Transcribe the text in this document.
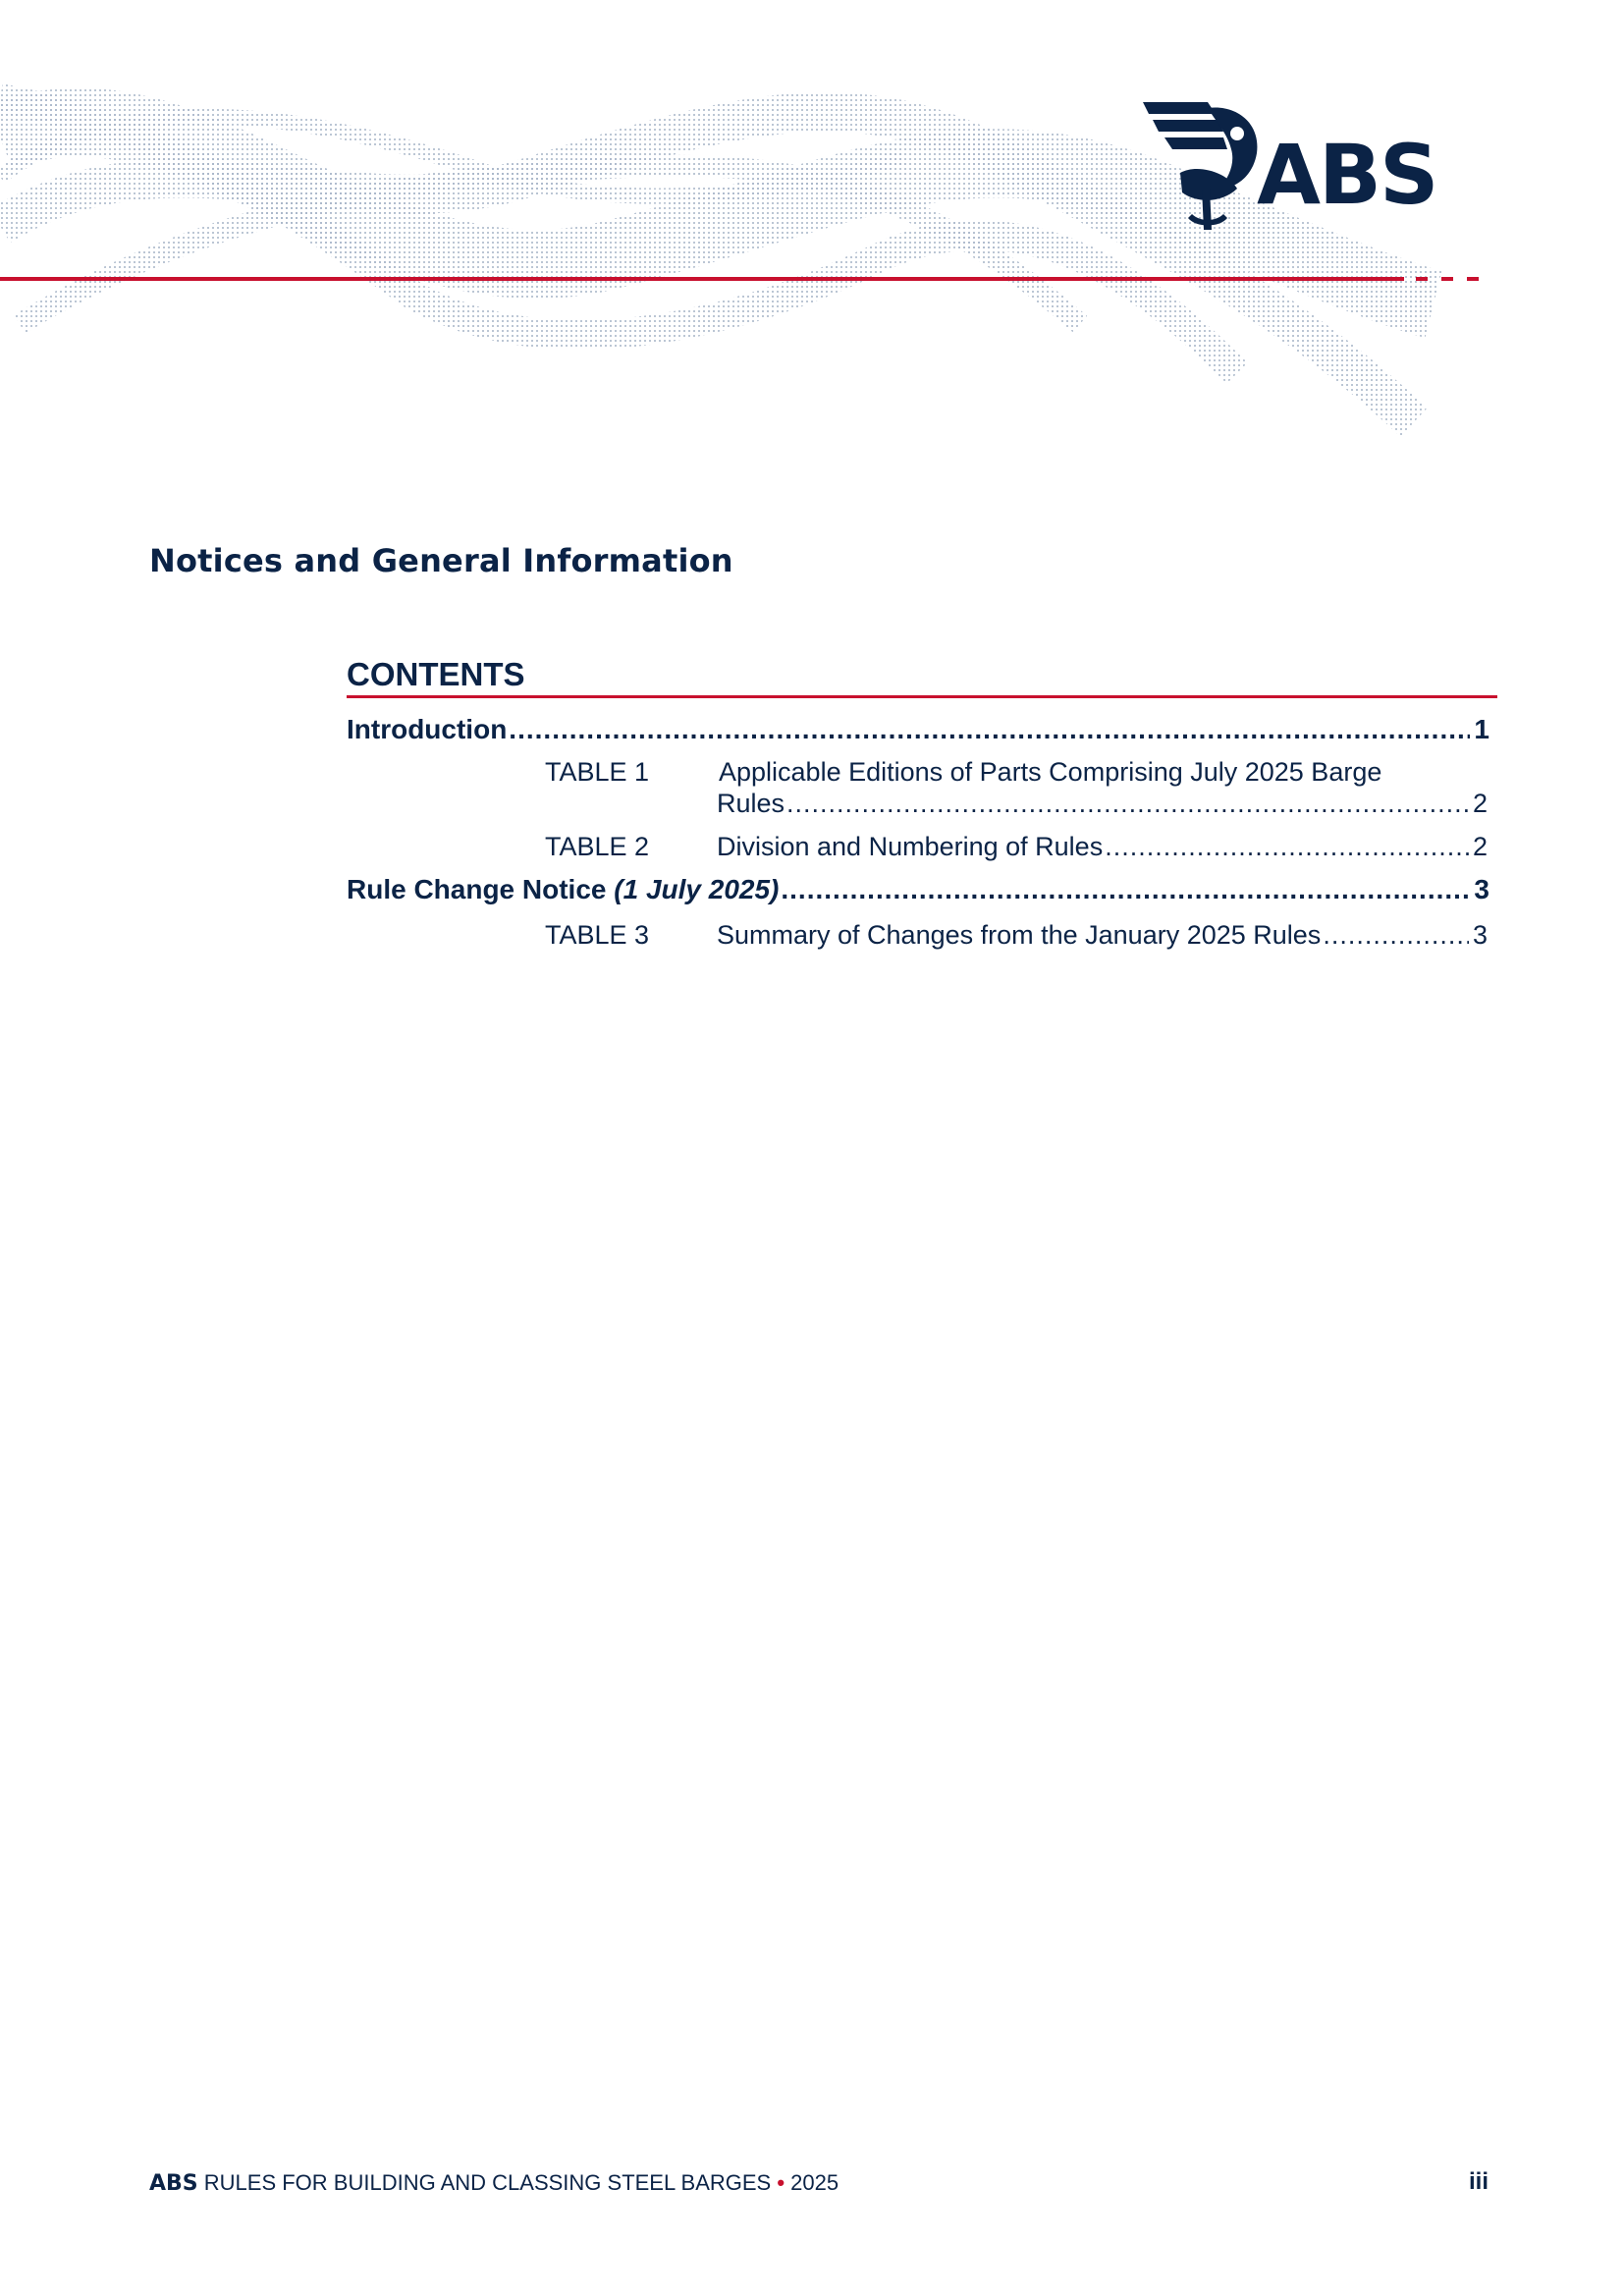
ABS
Notices and General Information
CONTENTS
Introduction .....	1
TABLE 1	Applicable Editions of Parts Comprising July 2025 Barge
Rules .....	2
TABLE 2	Division and Numbering of Rules .....	2
Rule Change Notice
(1 July 2025) .....	3
TABLE 3	Summary of Changes from the January 2025 Rules .....	3
ABS RULES FOR BUILDING AND CLASSING STEEL BARGES • 2025	iii
